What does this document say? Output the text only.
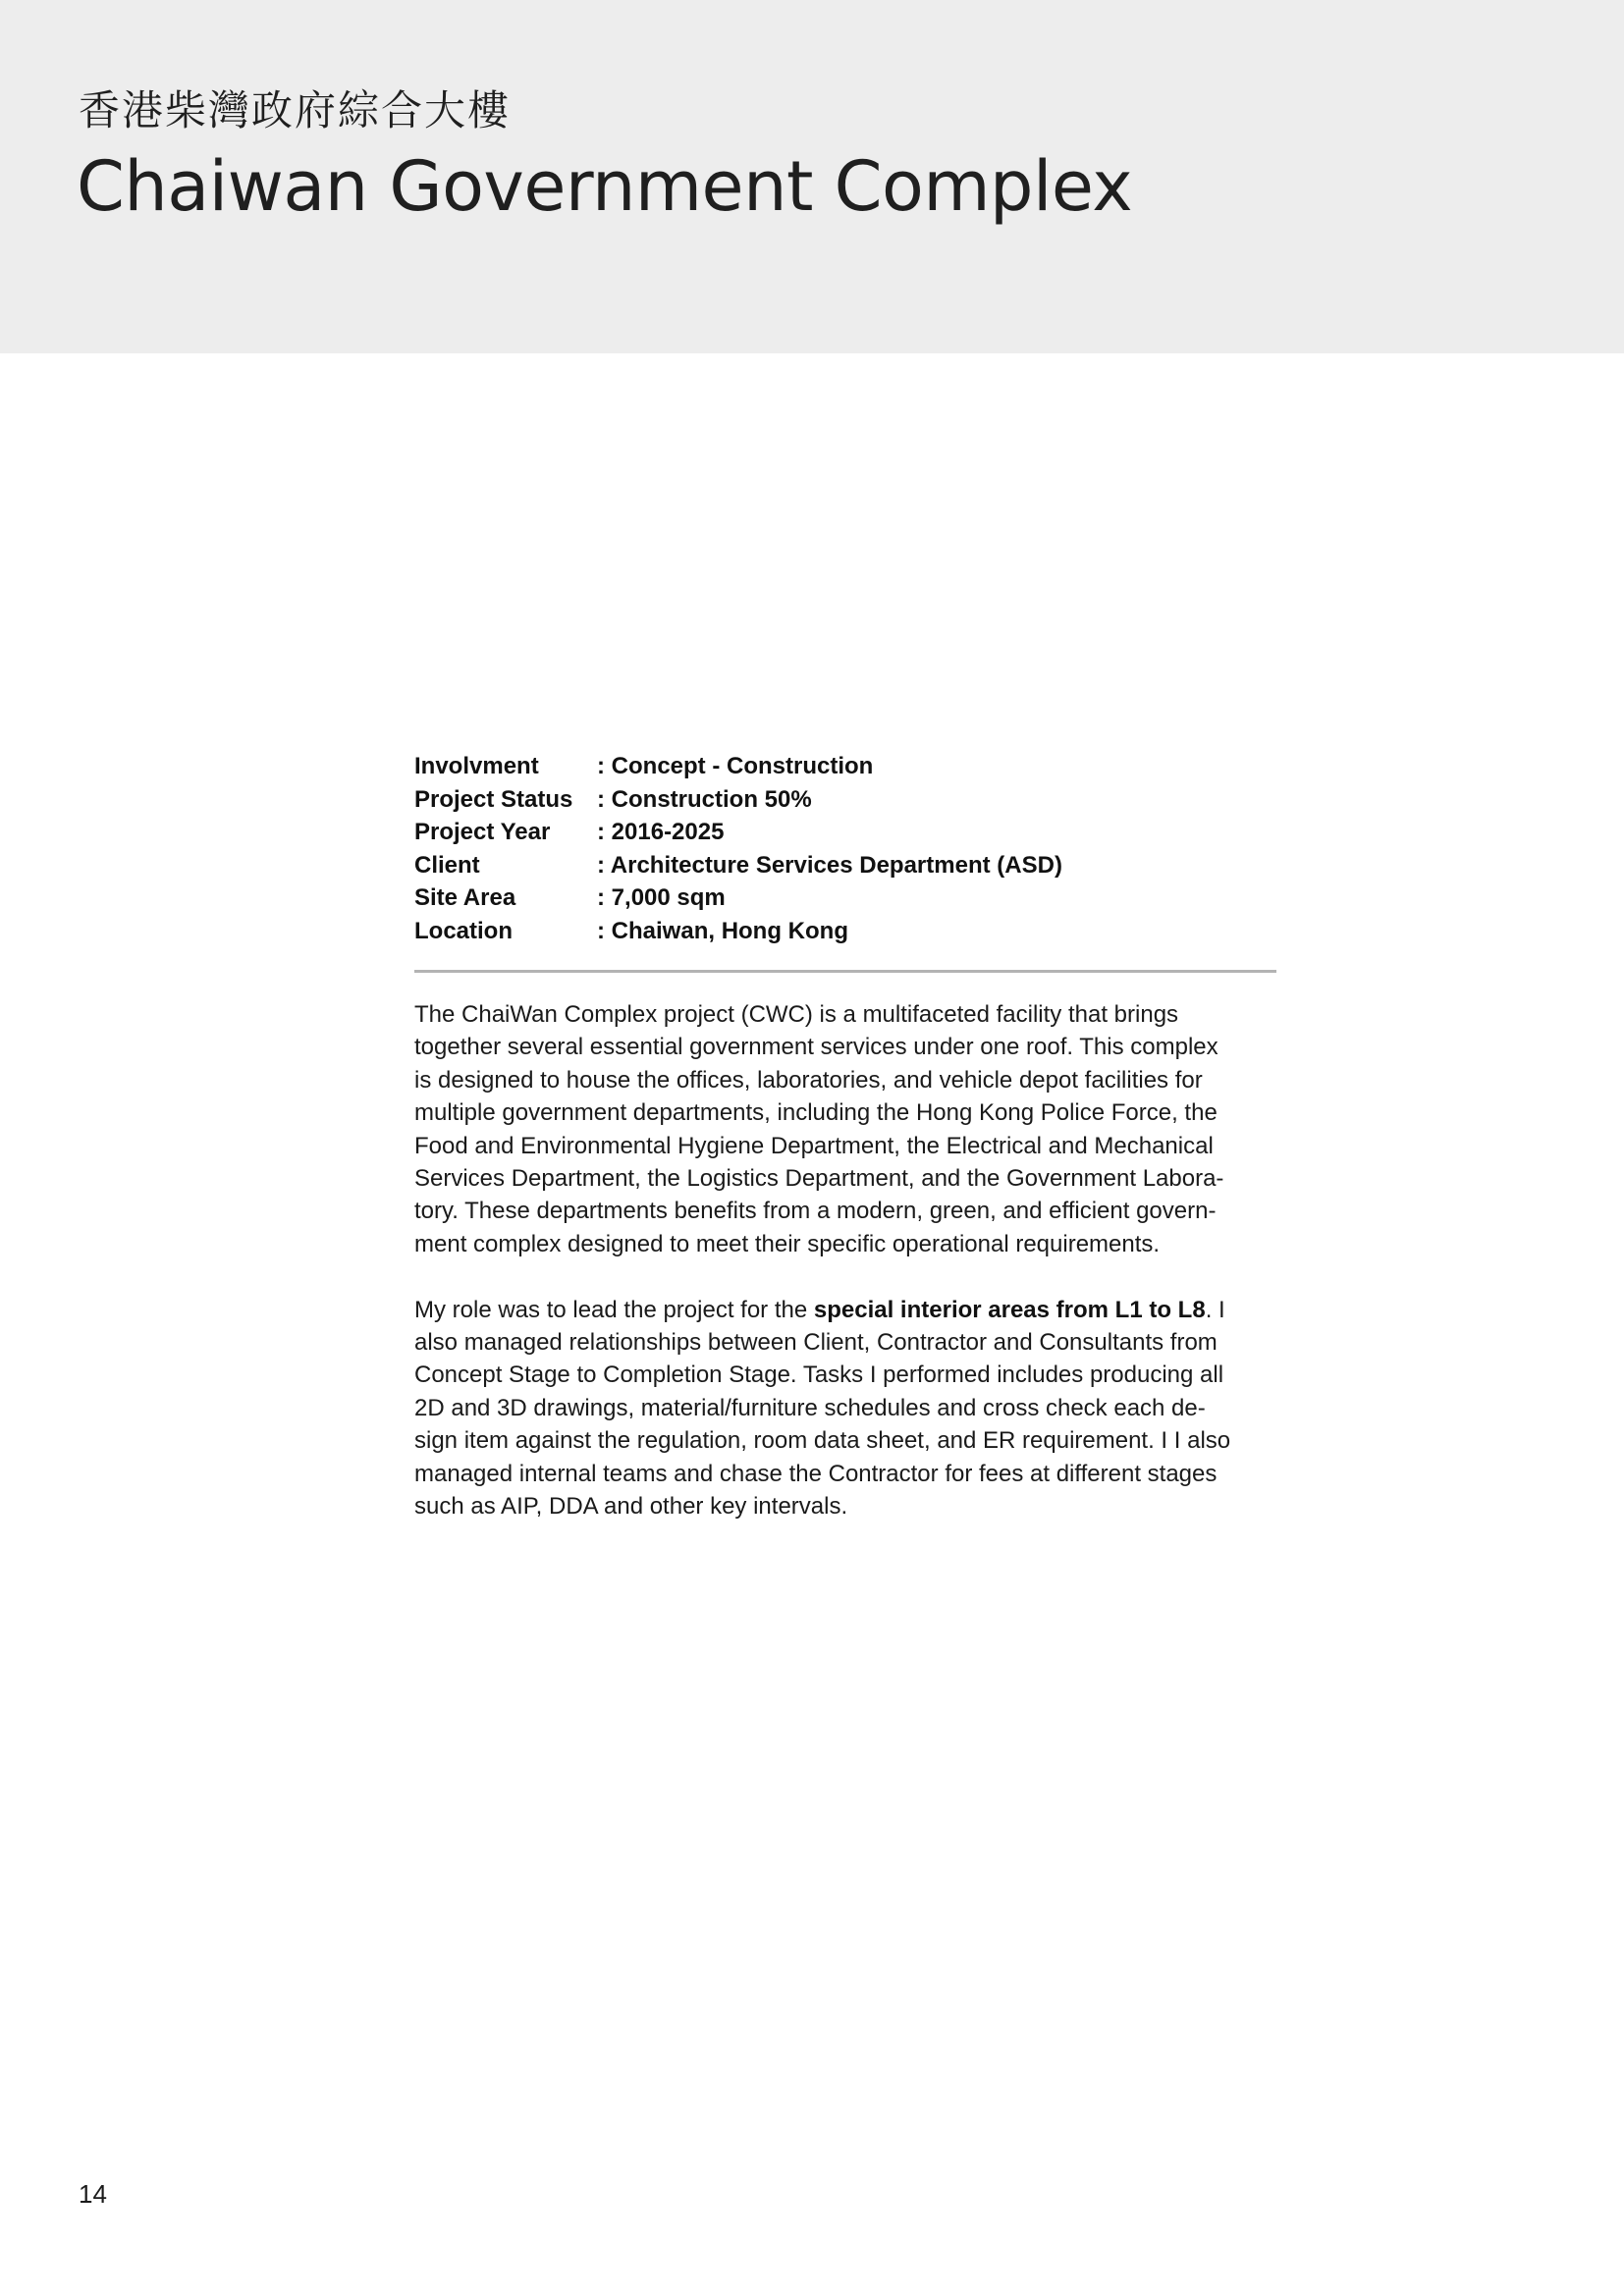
香港柴灣政府綜合大樓
Chaiwan Government Complex
Involvment	: Concept - Construction
Project Status	: Construction 50%
Project Year	: 2016-2025
Client	: Architecture Services Department (ASD)
Site Area	: 7,000 sqm
Location	: Chaiwan, Hong Kong

The ChaiWan Complex project (CWC) is a multifaceted facility that brings
together several essential government services under one roof. This complex
is designed to house the offices, laboratories, and vehicle depot facilities for
multiple government departments, including the Hong Kong Police Force, the
Food and Environmental Hygiene Department, the Electrical and Mechanical
Services Department, the Logistics Department, and the Government Labora-
tory. These departments benefits from a modern, green, and efficient govern-
ment complex designed to meet their specific operational requirements.

My role was to lead the project for the special interior areas from L1 to L8. I
also managed relationships between Client, Contractor and Consultants from
Concept Stage to Completion Stage. Tasks I performed includes producing all
2D and 3D drawings, material/furniture schedules and cross check each de-
sign item against the regulation, room data sheet, and ER requirement. I I also
managed internal teams and chase the Contractor for fees at different stages
such as AIP, DDA and other key intervals.

14
